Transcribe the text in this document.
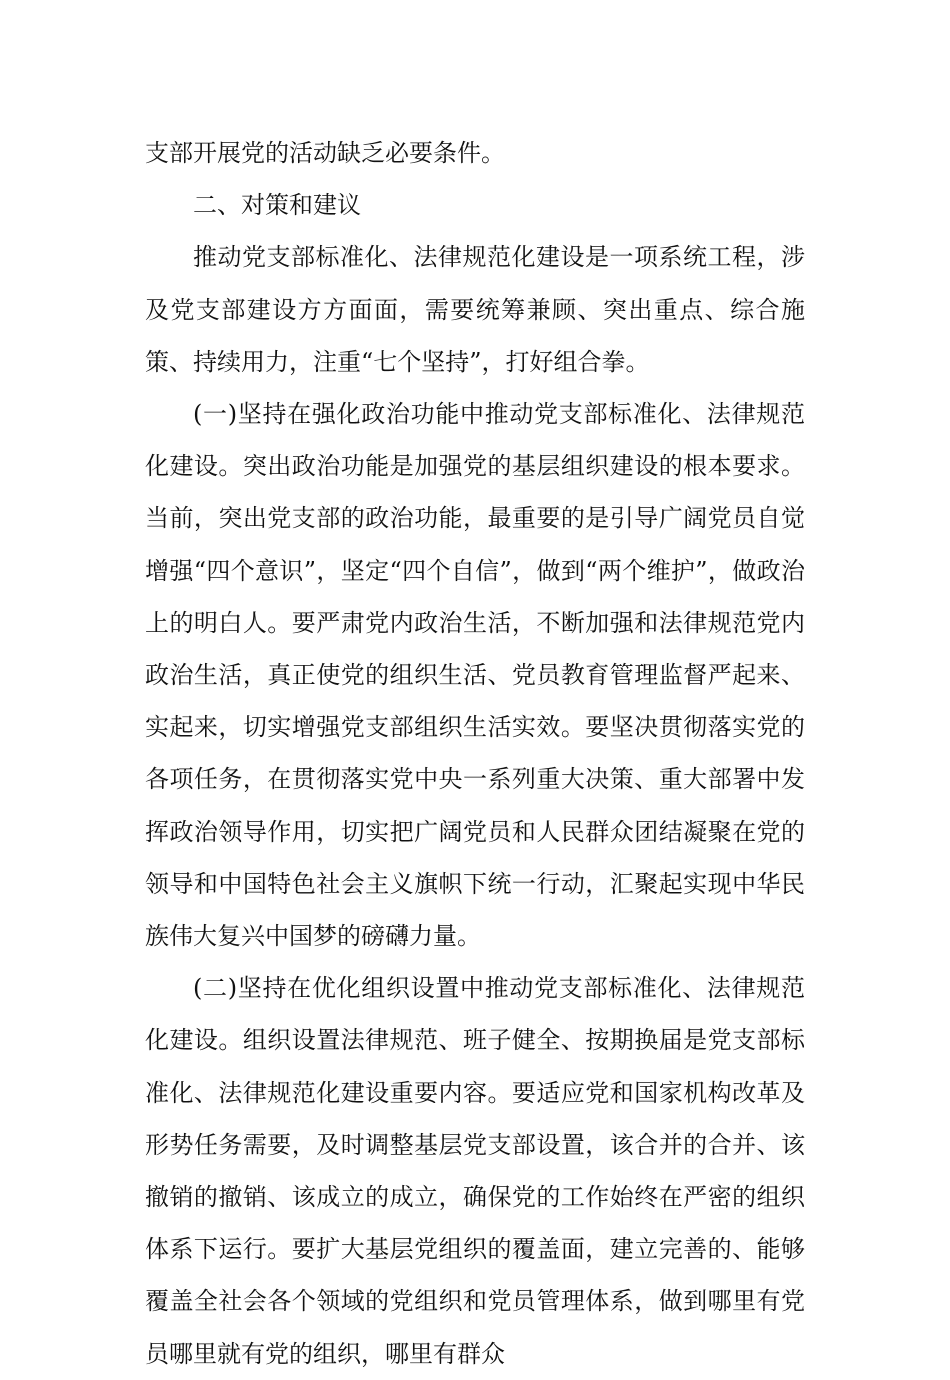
支部开展党的活动缺乏必要条件。

二、对策和建议

推动党支部标准化、法律规范化建设是一项系统工程，涉及党支部建设方方面面，需要统筹兼顾、突出重点、综合施策、持续用力，注重“七个坚持”，打好组合拳。

(一)坚持在强化政治功能中推动党支部标准化、法律规范化建设。突出政治功能是加强党的基层组织建设的根本要求。当前，突出党支部的政治功能，最重要的是引导广阔党员自觉增强“四个意识”，坚定“四个自信”，做到“两个维护”，做政治上的明白人。要严肃党内政治生活，不断加强和法律规范党内政治生活，真正使党的组织生活、党员教育管理监督严起来、实起来，切实增强党支部组织生活实效。要坚决贯彻落实党的各项任务，在贯彻落实党中央一系列重大决策、重大部署中发挥政治领导作用，切实把广阔党员和人民群众团结凝聚在党的领导和中国特色社会主义旗帜下统一行动，汇聚起实现中华民族伟大复兴中国梦的磅礴力量。

(二)坚持在优化组织设置中推动党支部标准化、法律规范化建设。组织设置法律规范、班子健全、按期换届是党支部标准化、法律规范化建设重要内容。要适应党和国家机构改革及形势任务需要，及时调整基层党支部设置，该合并的合并、该撤销的撤销、该成立的成立，确保党的工作始终在严密的组织体系下运行。要扩大基层党组织的覆盖面，建立完善的、能够覆盖全社会各个领域的党组织和党员管理体系，做到哪里有党员哪里就有党的组织，哪里有群众
